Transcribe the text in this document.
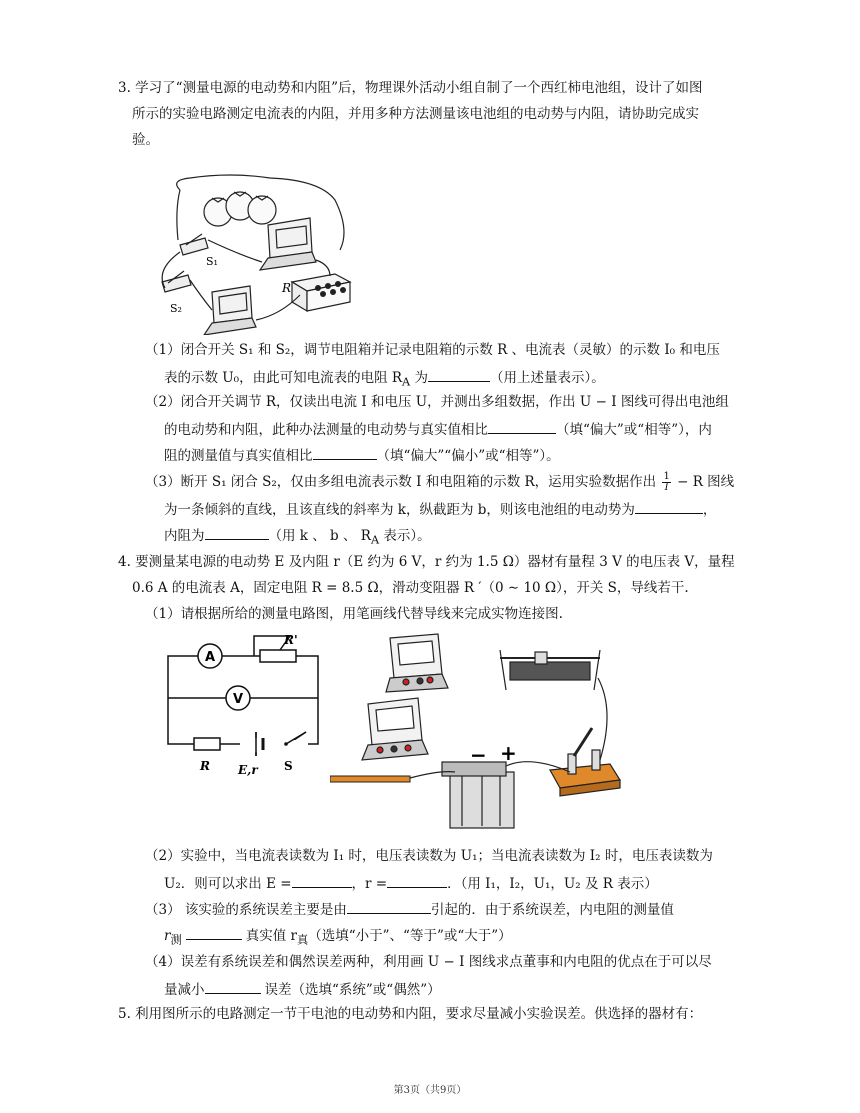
3. 学习了“测量电源的电动势和内阻”后，物理课外活动小组自制了一个西红柿电池组，设计了如图
所示的实验电路测定电流表的内阻，并用多种方法测量该电池组的电动势与内阻，请协助完成实
验。
S₁
S₂
R
（1）闭合开关 S₁ 和 S₂，调节电阻箱并记录电阻箱的示数 R 、电流表（灵敏）的示数 I₀ 和电压
表的示数 U₀，由此可知电流表的电阻 $R_A$ 为	（用上述量表示）。
（2）闭合开关调节 R，仅读出电流 I 和电压 U，并测出多组数据，作出 U − I 图线可得出电池组
的电动势和内阻，此种办法测量的电动势与真实值相比	（填“偏大”或“相等”），内
阻的测量值与真实值相比	（填“偏大”“偏小”或“相等”）。
（3）断开 S₁ 闭合 S₂，仅由多组电流表示数 I 和电阻箱的示数 R，运用实验数据作出 $\frac{1}{I} - R$ 图线
为一条倾斜的直线，且该直线的斜率为 k，纵截距为 b，则该电池组的电动势为	，
内阻为	（用 k 、 b 、 $R_A$ 表示）。
4. 要测量某电源的电动势 E 及内阻 r（E 约为 6 V，r 约为 1.5 Ω）器材有量程 3 V 的电压表 V，量程
0.6 A 的电流表 A，固定电阻 R = 8.5 Ω，滑动变阻器 R ′（0 ∼ 10 Ω），开关 S，导线若干.
（1）请根据所给的测量电路图，用笔画线代替导线来完成实物连接图.
A
V
R'
R E,r S	− +
（2）实验中，当电流表读数为 I₁ 时，电压表读数为 U₁；当电流表读数为 I₂ 时，电压表读数为
U₂．则可以求出 E =	，r =	．（用 I₁，I₂，U₁，U₂ 及 R 表示）
（3） 该实验的系统误差主要是由	引起的．由于系统误差，内电阻的测量值
$r_测$	真实值 $r_真$（选填“小于”、“等于”或“大于”）
（4）误差有系统误差和偶然误差两种，利用画 U − I 图线求点董事和内电阻的优点在于可以尽
量减小	误差（选填“系统”或“偶然”）
5. 利用图所示的电路测定一节干电池的电动势和内阻，要求尽量减小实验误差。供选择的器材有：
第3页（共9页）
